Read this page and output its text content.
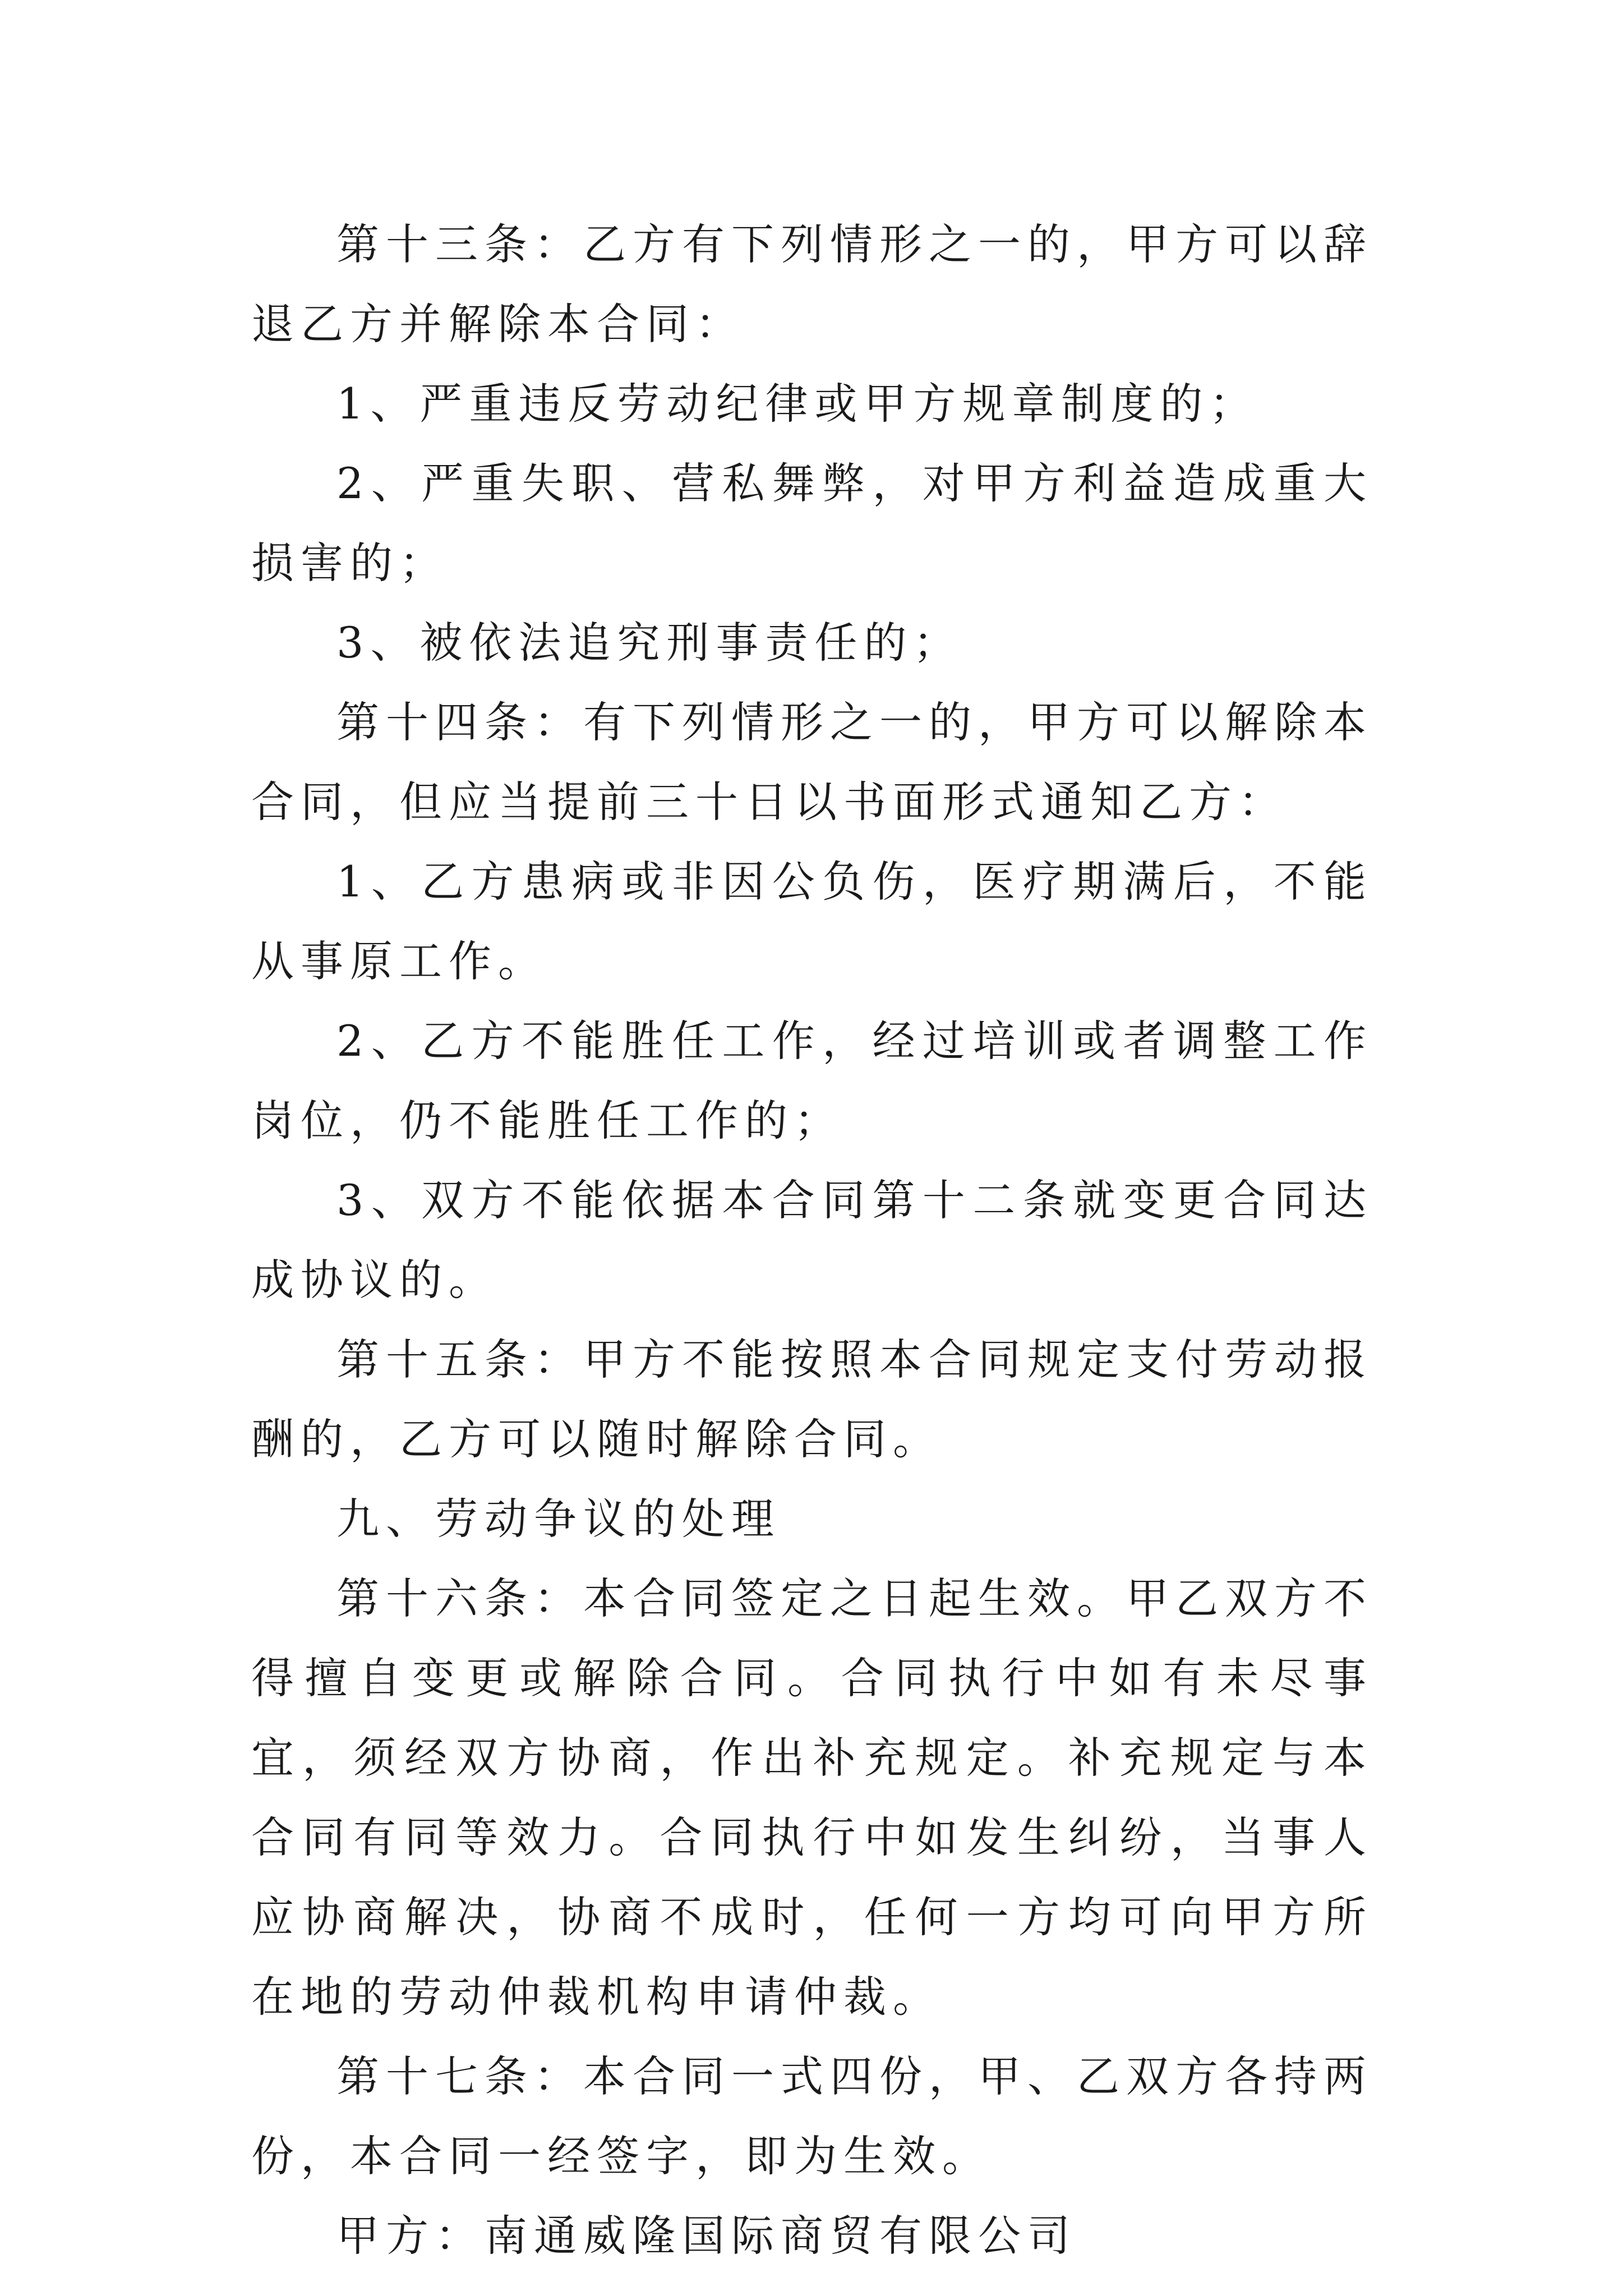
第十三条：乙方有下列情形之一的，甲方可以辞退乙方并解除本合同：

1、严重违反劳动纪律或甲方规章制度的；

2、严重失职、营私舞弊，对甲方利益造成重大损害的；

3、被依法追究刑事责任的；

第十四条：有下列情形之一的，甲方可以解除本合同，但应当提前三十日以书面形式通知乙方：

1、乙方患病或非因公负伤，医疗期满后，不能从事原工作。

2、乙方不能胜任工作，经过培训或者调整工作岗位，仍不能胜任工作的；

3、双方不能依据本合同第十二条就变更合同达成协议的。

第十五条：甲方不能按照本合同规定支付劳动报酬的，乙方可以随时解除合同。

九、劳动争议的处理

第十六条：本合同签定之日起生效。甲乙双方不得擅自变更或解除合同。合同执行中如有未尽事宜，须经双方协商，作出补充规定。补充规定与本合同有同等效力。合同执行中如发生纠纷，当事人应协商解决，协商不成时，任何一方均可向甲方所在地的劳动仲裁机构申请仲裁。

第十七条：本合同一式四份，甲、乙双方各持两份，本合同一经签字，即为生效。

甲方：南通威隆国际商贸有限公司
